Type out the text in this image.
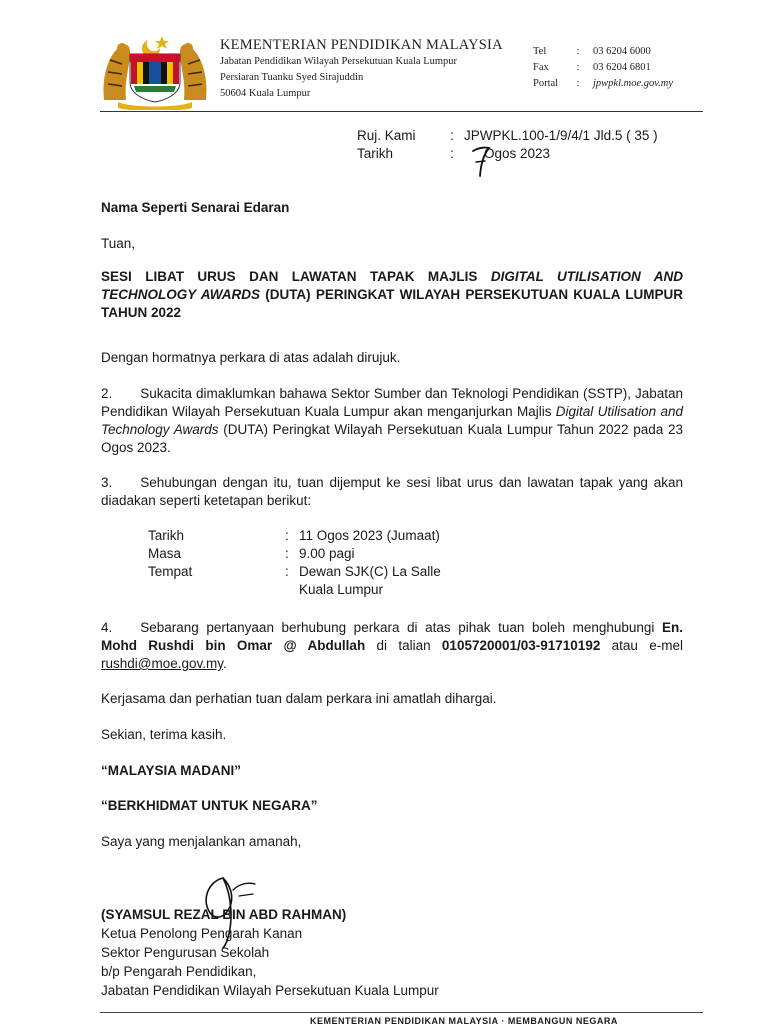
KEMENTERIAN PENDIDIKAN MALAYSIA
Jabatan Pendidikan Wilayah Persekutuan Kuala Lumpur
Persiaran Tuanku Syed Sirajuddin
50604 Kuala Lumpur
Tel	:	03 6204 6000
Fax	:	03 6204 6801
Portal	:	jpwpkl.moe.gov.my
Ruj. Kami	: JPWPKL.100-1/9/4/1 Jld.5 ( 35 )
Tarikh	:	Ogos 2023
Nama Seperti Senarai Edaran
Tuan,
SESI LIBAT URUS DAN LAWATAN TAPAK MAJLIS DIGITAL UTILISATION AND TECHNOLOGY AWARDS (DUTA) PERINGKAT WILAYAH PERSEKUTUAN KUALA LUMPUR TAHUN 2022
Dengan hormatnya perkara di atas adalah dirujuk.
2. Sukacita dimaklumkan bahawa Sektor Sumber dan Teknologi Pendidikan (SSTP), Jabatan Pendidikan Wilayah Persekutuan Kuala Lumpur akan menganjurkan Majlis Digital Utilisation and Technology Awards (DUTA) Peringkat Wilayah Persekutuan Kuala Lumpur Tahun 2022 pada 23 Ogos 2023.
3. Sehubungan dengan itu, tuan dijemput ke sesi libat urus dan lawatan tapak yang akan diadakan seperti ketetapan berikut:
Tarikh	: 11 Ogos 2023 (Jumaat)
Masa	: 9.00 pagi
Tempat	: Dewan SJK(C) La Salle
Kuala Lumpur
4. Sebarang pertanyaan berhubung perkara di atas pihak tuan boleh menghubungi En. Mohd Rushdi bin Omar @ Abdullah di talian 0105720001/03-91710192 atau e-mel rushdi@moe.gov.my.
Kerjasama dan perhatian tuan dalam perkara ini amatlah dihargai.
Sekian, terima kasih.
“MALAYSIA MADANI”
“BERKHIDMAT UNTUK NEGARA”
Saya yang menjalankan amanah,
(SYAMSUL REZAL BIN ABD RAHMAN)
Ketua Penolong Pengarah Kanan
Sektor Pengurusan Sekolah
b/p Pengarah Pendidikan,
Jabatan Pendidikan Wilayah Persekutuan Kuala Lumpur
KEMENTERIAN PENDIDIKAN MALAYSIA · MEMBANGUN NEGARA
